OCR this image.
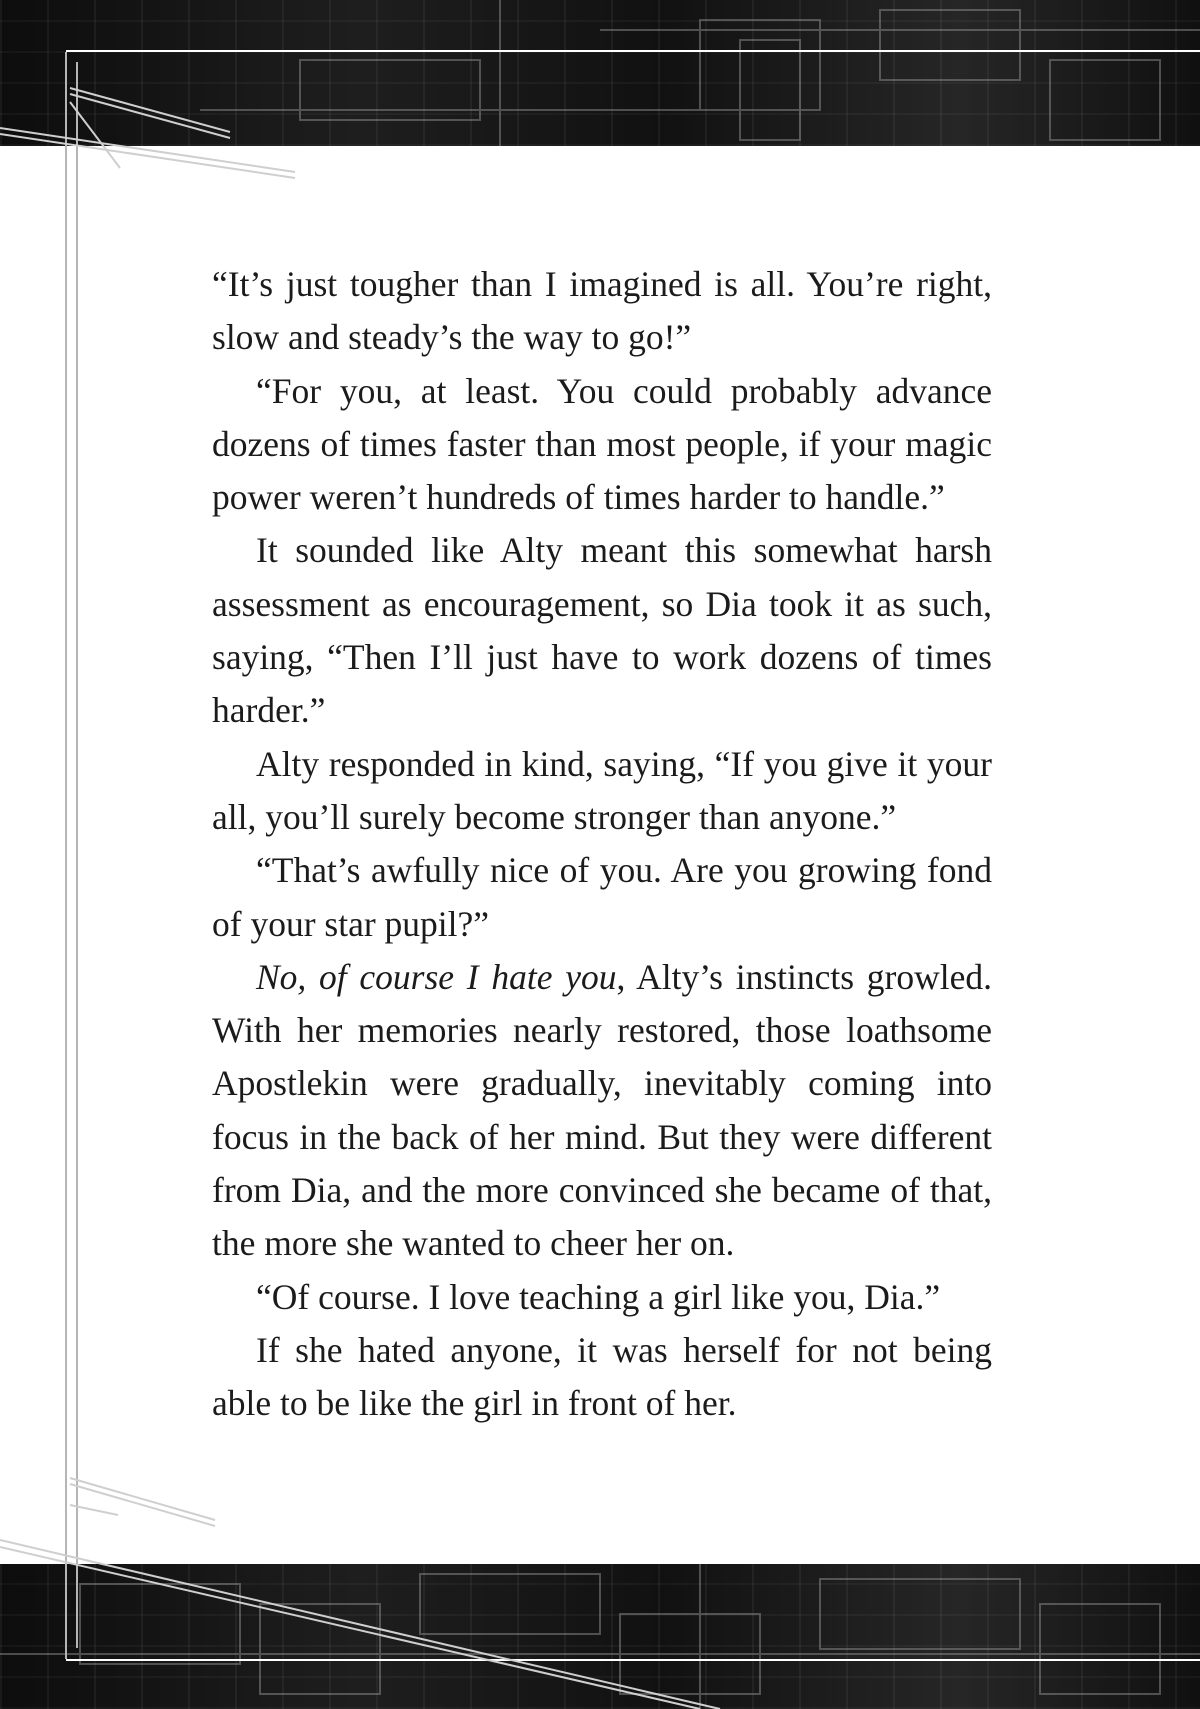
“It’s just tougher than I imagined is all. You’re right, slow and steady’s the way to go!”

“For you, at least. You could probably advance dozens of times faster than most people, if your magic power weren’t hundreds of times harder to handle.”

It sounded like Alty meant this somewhat harsh assessment as encouragement, so Dia took it as such, saying, “Then I’ll just have to work dozens of times harder.”

Alty responded in kind, saying, “If you give it your all, you’ll surely become stronger than anyone.”

“That’s awfully nice of you. Are you growing fond of your star pupil?”

No, of course I hate you, Alty’s instincts growled. With her memories nearly restored, those loathsome Apostlekin were gradually, inevitably coming into focus in the back of her mind. But they were different from Dia, and the more convinced she became of that, the more she wanted to cheer her on.

“Of course. I love teaching a girl like you, Dia.”

If she hated anyone, it was herself for not being able to be like the girl in front of her.
